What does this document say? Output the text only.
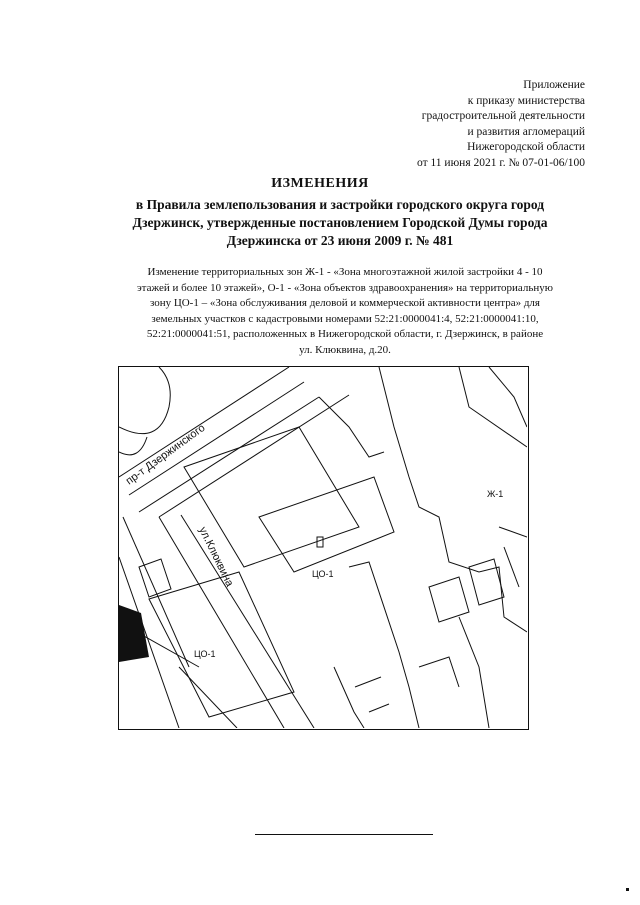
Приложение
к приказу министерства
градостроительной деятельности
и развития агломераций
Нижегородской области
от 11 июня 2021 г. № 07-01-06/100
ИЗМЕНЕНИЯ
в Правила землепользования и застройки городского округа город
Дзержинск, утвержденные постановлением Городской Думы города
Дзержинска от 23 июня 2009 г. № 481
Изменение территориальных зон Ж-1 - «Зона многоэтажной жилой застройки 4 - 10
этажей и более 10 этажей», О-1 - «Зона объектов здравоохранения» на территориальную
зону ЦО-1 – «Зона обслуживания деловой и коммерческой активности центра» для
земельных участков с кадастровыми номерами 52:21:0000041:4, 52:21:0000041:10,
52:21:0000041:51, расположенных в Нижегородской области, г. Дзержинск, в районе
ул. Клюквина, д.20.
пр-т Дзержинского
ул.Клюквина
Ж-1
ЦО-1
ЦО-1
